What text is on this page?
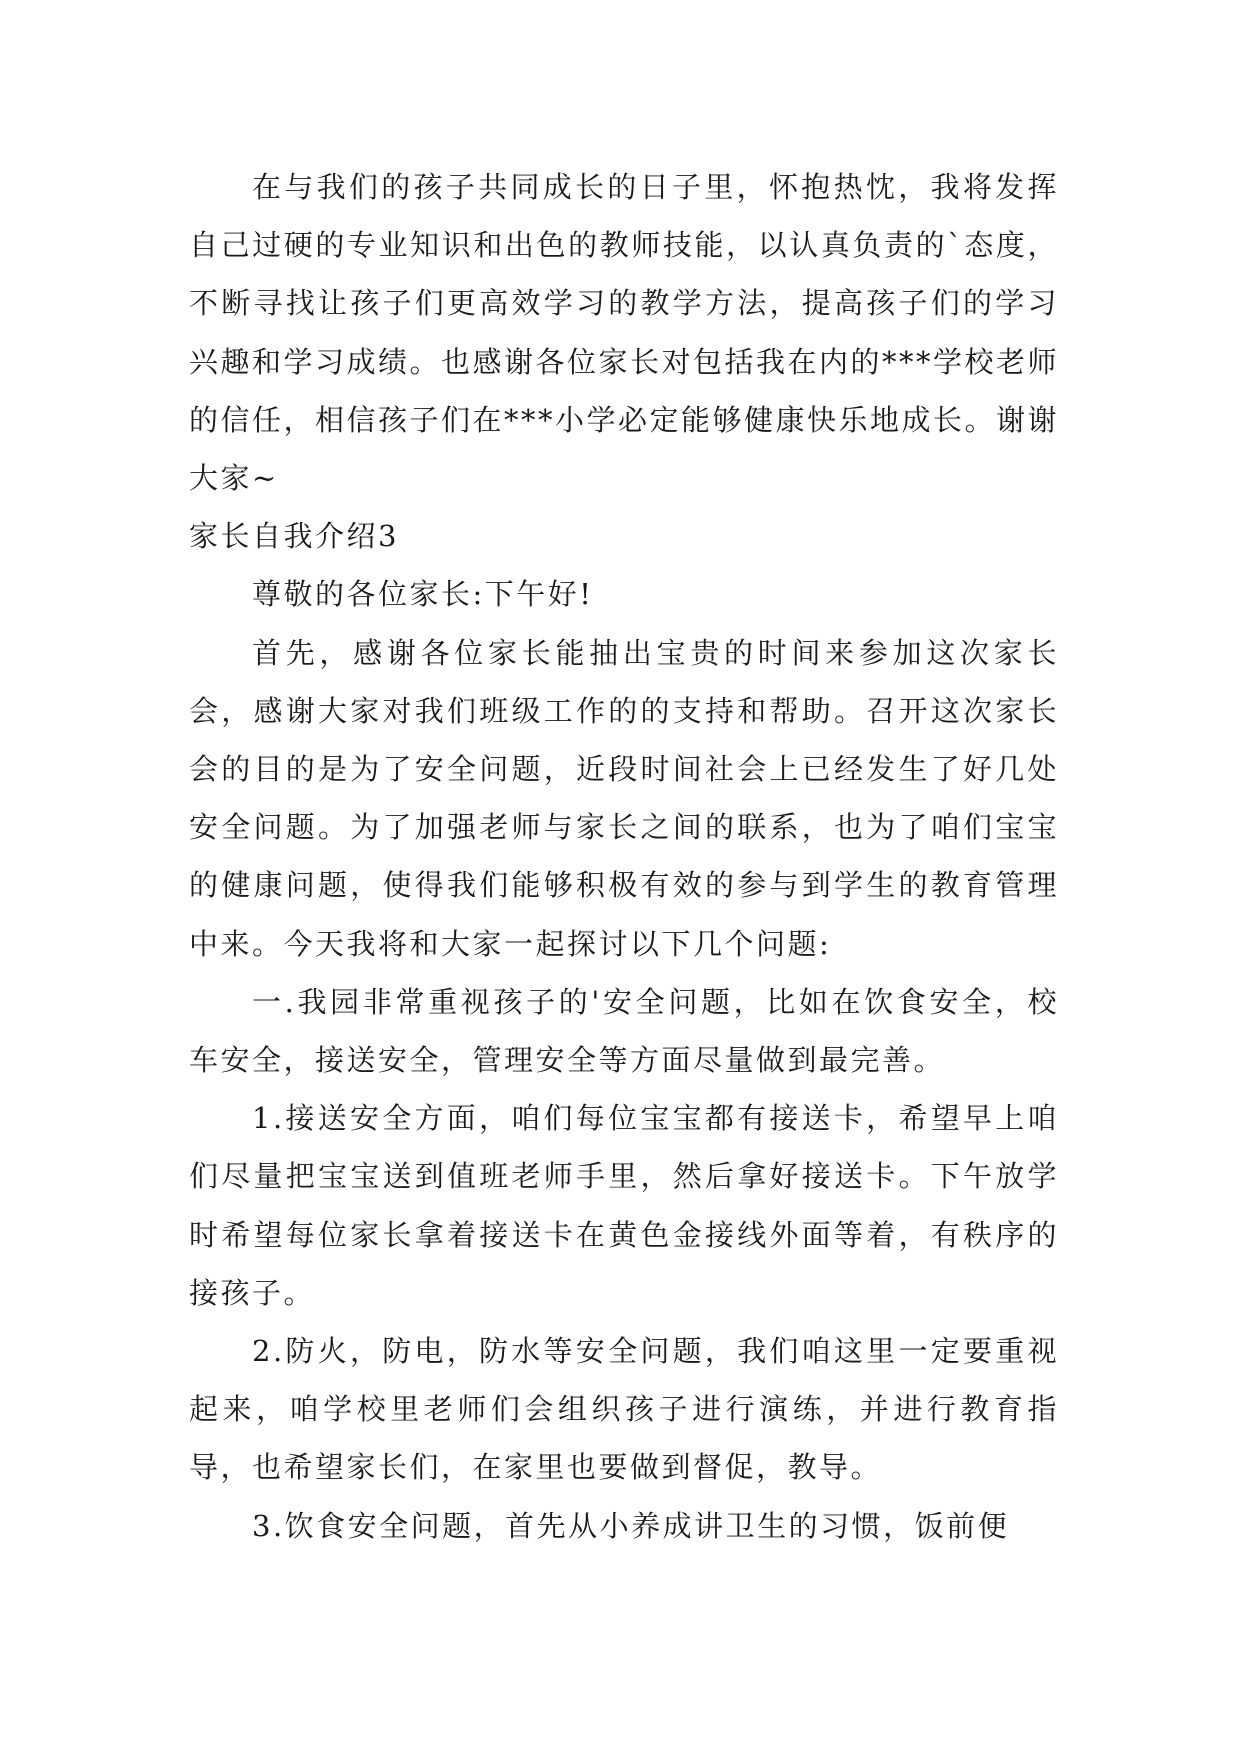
在与我们的孩子共同成长的日子里，怀抱热忱，我将发挥自己过硬的专业知识和出色的教师技能，以认真负责的`态度，不断寻找让孩子们更高效学习的教学方法，提高孩子们的学习兴趣和学习成绩。也感谢各位家长对包括我在内的***学校老师的信任，相信孩子们在***小学必定能够健康快乐地成长。谢谢大家~

家长自我介绍3

尊敬的各位家长:下午好!

首先，感谢各位家长能抽出宝贵的时间来参加这次家长会，感谢大家对我们班级工作的的支持和帮助。召开这次家长会的目的是为了安全问题，近段时间社会上已经发生了好几处安全问题。为了加强老师与家长之间的联系，也为了咱们宝宝的健康问题，使得我们能够积极有效的参与到学生的教育管理中来。今天我将和大家一起探讨以下几个问题:

一.我园非常重视孩子的'安全问题，比如在饮食安全，校车安全，接送安全，管理安全等方面尽量做到最完善。

1.接送安全方面，咱们每位宝宝都有接送卡，希望早上咱们尽量把宝宝送到值班老师手里，然后拿好接送卡。下午放学时希望每位家长拿着接送卡在黄色金接线外面等着，有秩序的接孩子。

2.防火，防电，防水等安全问题，我们咱这里一定要重视起来，咱学校里老师们会组织孩子进行演练，并进行教育指导，也希望家长们，在家里也要做到督促，教导。

3.饮食安全问题，首先从小养成讲卫生的习惯，饭前便
